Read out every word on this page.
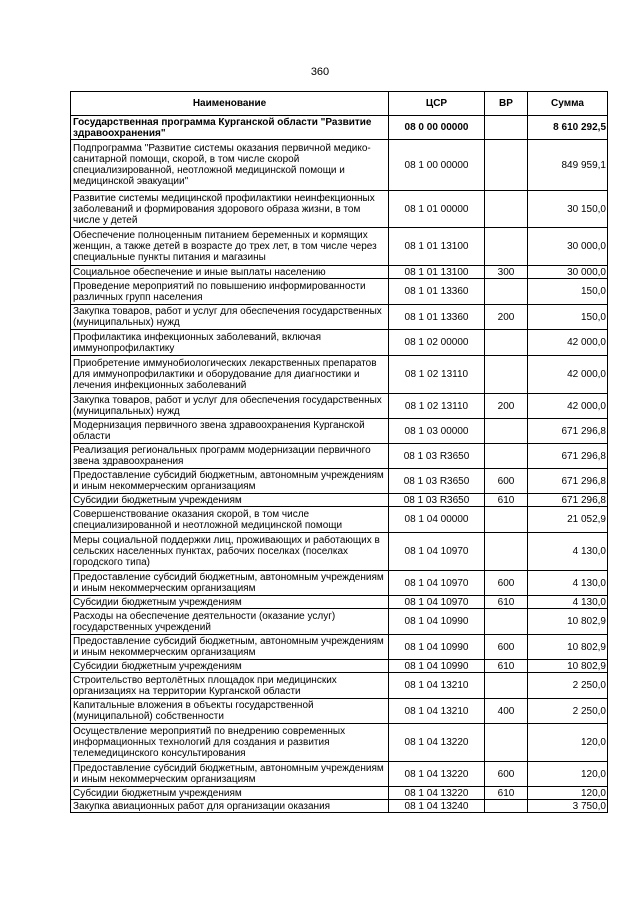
360
Наименование	ЦСР	ВР	Сумма
Государственная программа Курганской области "Развитие здравоохранения"	08 0 00 00000		8 610 292,5
Подпрограмма "Развитие системы оказания первичной медико-санитарной помощи, скорой, в том числе скорой специализированной, неотложной медицинской помощи и медицинской эвакуации"	08 1 00 00000		849 959,1
Развитие системы медицинской профилактики неинфекционных заболеваний и формирования здорового образа жизни, в том числе у детей	08 1 01 00000		30 150,0
Обеспечение полноценным питанием беременных и кормящих женщин, а также детей в возрасте до трех лет, в том числе через специальные пункты питания и магазины	08 1 01 13100		30 000,0
Социальное обеспечение и иные выплаты населению	08 1 01 13100	300	30 000,0
Проведение мероприятий по повышению информированности различных групп населения	08 1 01 13360		150,0
Закупка товаров, работ и услуг для обеспечения государственных (муниципальных) нужд	08 1 01 13360	200	150,0
Профилактика инфекционных заболеваний, включая иммунопрофилактику	08 1 02 00000		42 000,0
Приобретение иммунобиологических лекарственных препаратов для иммунопрофилактики и оборудование для диагностики и лечения инфекционных заболеваний	08 1 02 13110		42 000,0
Закупка товаров, работ и услуг для обеспечения государственных (муниципальных) нужд	08 1 02 13110	200	42 000,0
Модернизация первичного звена здравоохранения Курганской области	08 1 03 00000		671 296,8
Реализация региональных программ модернизации первичного звена здравоохранения	08 1 03 R3650		671 296,8
Предоставление субсидий бюджетным, автономным учреждениям и иным некоммерческим организациям	08 1 03 R3650	600	671 296,8
Субсидии бюджетным учреждениям	08 1 03 R3650	610	671 296,8
Совершенствование оказания скорой, в том числе специализированной и неотложной медицинской помощи	08 1 04 00000		21 052,9
Меры социальной поддержки лиц, проживающих и работающих в сельских населенных пунктах, рабочих поселках (поселках городского типа)	08 1 04 10970		4 130,0
Предоставление субсидий бюджетным, автономным учреждениям и иным некоммерческим организациям	08 1 04 10970	600	4 130,0
Субсидии бюджетным учреждениям	08 1 04 10970	610	4 130,0
Расходы на обеспечение деятельности (оказание услуг) государственных учреждений	08 1 04 10990		10 802,9
Предоставление субсидий бюджетным, автономным учреждениям и иным некоммерческим организациям	08 1 04 10990	600	10 802,9
Субсидии бюджетным учреждениям	08 1 04 10990	610	10 802,9
Строительство вертолётных площадок при медицинских организациях на территории Курганской области	08 1 04 13210		2 250,0
Капитальные вложения в объекты государственной (муниципальной) собственности	08 1 04 13210	400	2 250,0
Осуществление мероприятий по внедрению современных информационных технологий для создания и развития телемедицинского консультирования	08 1 04 13220		120,0
Предоставление субсидий бюджетным, автономным учреждениям и иным некоммерческим организациям	08 1 04 13220	600	120,0
Субсидии бюджетным учреждениям	08 1 04 13220	610	120,0
Закупка авиационных работ для организации оказания	08 1 04 13240		3 750,0
